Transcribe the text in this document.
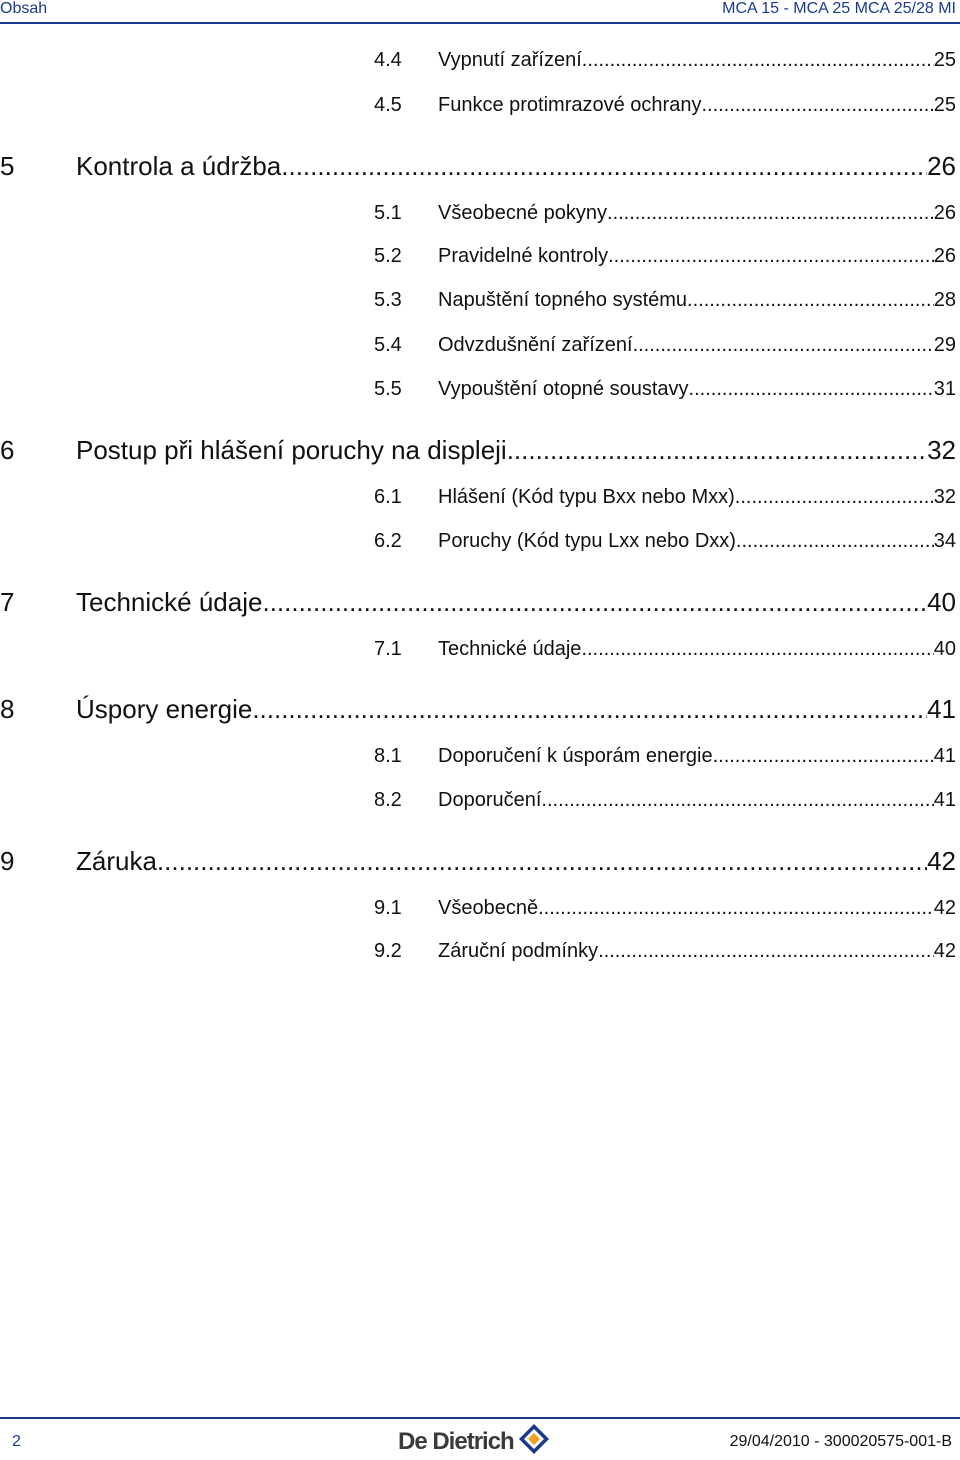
Obsah	MCA 15 - MCA 25 MCA 25/28 MI
4.4	Vypnutí zařízení .....	25
4.5	Funkce protimrazové ochrany .....	25
5	Kontrola a údržba .....	26
5.1	Všeobecné pokyny .....	26
5.2	Pravidelné kontroly .....	26
5.3	Napuštění topného systému .....	28
5.4	Odvzdušnění zařízení .....	29
5.5	Vypouštění otopné soustavy .....	31
6	Postup při hlášení poruchy na displeji .....	32
6.1	Hlášení (Kód typu Bxx nebo Mxx) .....	32
6.2	Poruchy (Kód typu Lxx nebo Dxx) .....	34
7	Technické údaje .....	40
7.1	Technické údaje .....	40
8	Úspory energie .....	41
8.1	Doporučení k úsporám energie .....	41
8.2	Doporučení .....	41
9	Záruka .....	42
9.1	Všeobecně .....	42
9.2	Záruční podmínky .....	42
2	De Dietrich	29/04/2010 - 300020575-001-B
